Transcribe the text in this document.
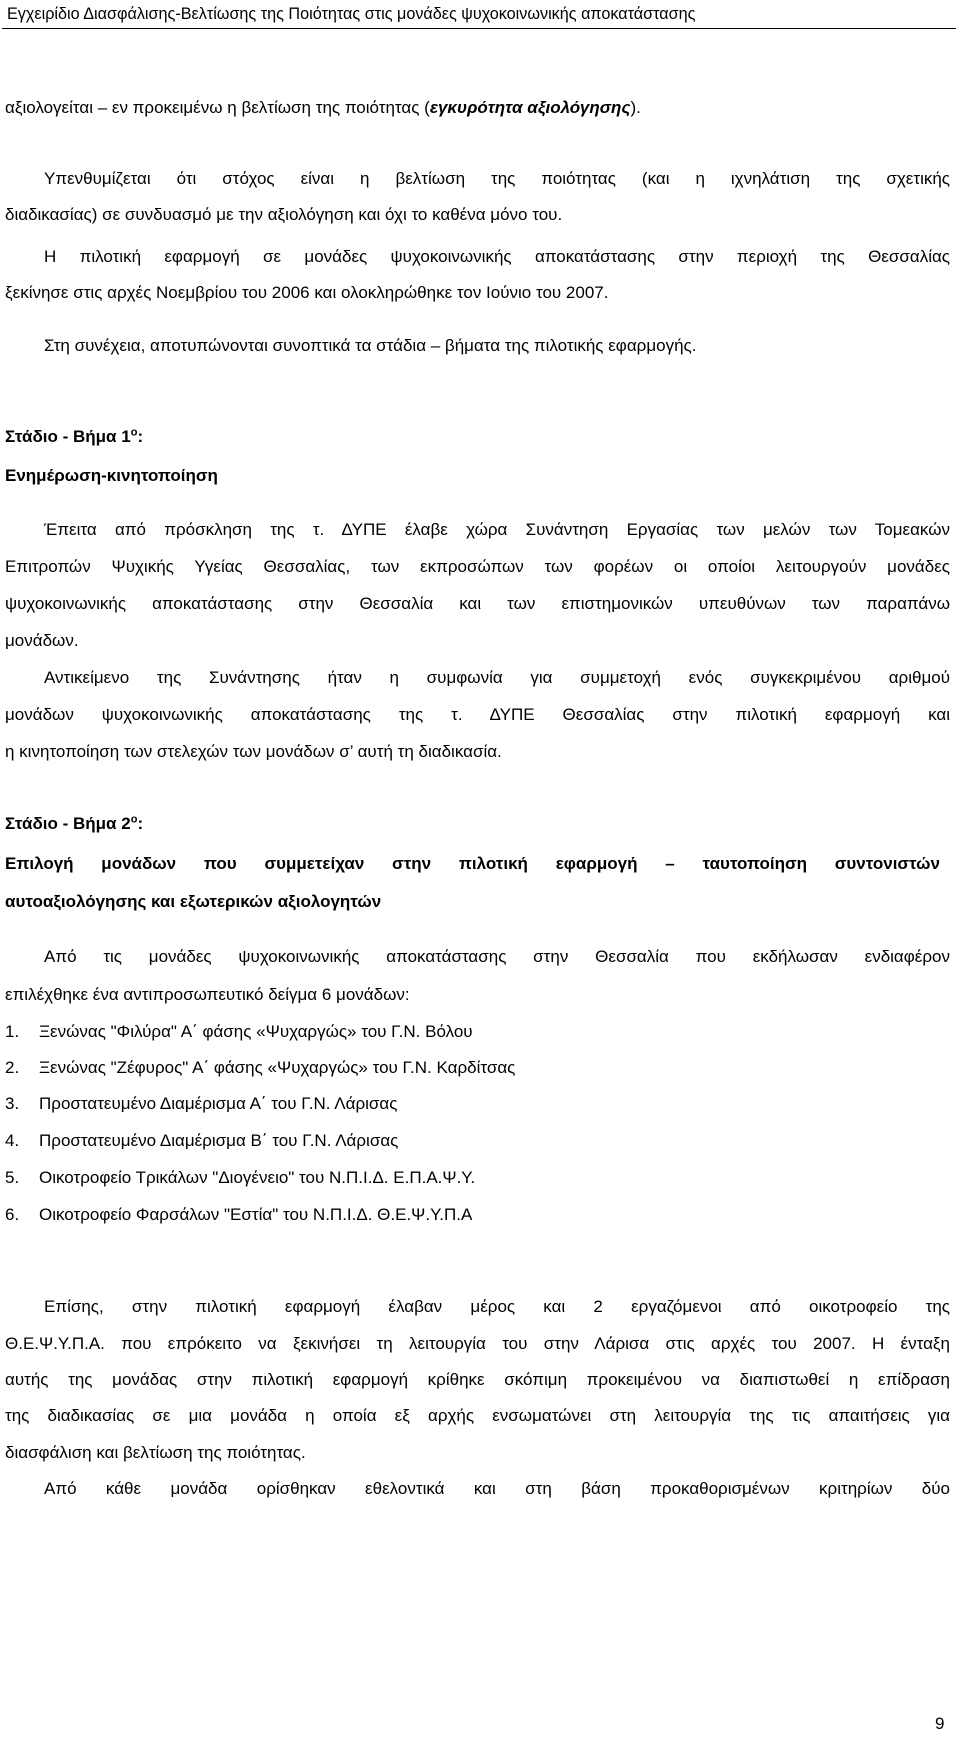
Εγχειρίδιο Διασφάλισης-Βελτίωσης της Ποιότητας στις μονάδες ψυχοκοινωνικής αποκατάστασης
αξιολογείται – εν προκειμένω η βελτίωση της ποιότητας (εγκυρότητα αξιολόγησης).
Υπενθυμίζεται ότι στόχος είναι η βελτίωση της ποιότητας (και η ιχνηλάτιση της σχετικής
διαδικασίας) σε συνδυασμό με την αξιολόγηση και όχι το καθένα μόνο του.
Η πιλοτική εφαρμογή σε μονάδες ψυχοκοινωνικής αποκατάστασης στην περιοχή της Θεσσαλίας
ξεκίνησε στις αρχές Νοεμβρίου του 2006 και ολοκληρώθηκε τον Ιούνιο του 2007.
Στη συνέχεια, αποτυπώνονται συνοπτικά τα στάδια – βήματα της πιλοτικής εφαρμογής.
Στάδιο - Βήμα $1^o$:
Ενημέρωση-κινητοποίηση
Έπειτα από πρόσκληση της τ. ΔΥΠΕ έλαβε χώρα Συνάντηση Εργασίας των μελών των Τομεακών
Επιτροπών Ψυχικής Υγείας Θεσσαλίας, των εκπροσώπων των φορέων οι οποίοι λειτουργούν μονάδες
ψυχοκοινωνικής αποκατάστασης στην Θεσσαλία και των επιστημονικών υπευθύνων των παραπάνω
μονάδων.
Αντικείμενο της Συνάντησης ήταν η συμφωνία για συμμετοχή ενός συγκεκριμένου αριθμού
μονάδων ψυχοκοινωνικής αποκατάστασης της τ. ΔΥΠΕ Θεσσαλίας στην πιλοτική εφαρμογή και
η κινητοποίηση των στελεχών των μονάδων σ’ αυτή τη διαδικασία.
Στάδιο - Βήμα $2^o$:
Επιλογή μονάδων που συμμετείχαν στην πιλοτική εφαρμογή – ταυτοποίηση συντονιστών
αυτοαξιολόγησης και εξωτερικών αξιολογητών
Από τις μονάδες ψυχοκοινωνικής αποκατάστασης στην Θεσσαλία που εκδήλωσαν ενδιαφέρον
επιλέχθηκε ένα αντιπροσωπευτικό δείγμα 6 μονάδων:
1. Ξενώνας "Φιλύρα" Α΄ φάσης «Ψυχαργώς» του Γ.Ν. Βόλου
2. Ξενώνας "Ζέφυρος" Α΄ φάσης «Ψυχαργώς» του Γ.Ν. Καρδίτσας
3. Προστατευμένο Διαμέρισμα Α΄ του Γ.Ν. Λάρισας
4. Προστατευμένο Διαμέρισμα Β΄ του Γ.Ν. Λάρισας
5. Οικοτροφείο Τρικάλων "Διογένειο" του Ν.Π.Ι.Δ. Ε.Π.Α.Ψ.Υ.
6. Οικοτροφείο Φαρσάλων "Εστία" του Ν.Π.Ι.Δ. Θ.Ε.Ψ.Υ.Π.Α
Επίσης, στην πιλοτική εφαρμογή έλαβαν μέρος και 2 εργαζόμενοι από οικοτροφείο της
Θ.Ε.Ψ.Υ.Π.Α. που επρόκειτο να ξεκινήσει τη λειτουργία του στην Λάρισα στις αρχές του 2007. Η ένταξη
αυτής της μονάδας στην πιλοτική εφαρμογή κρίθηκε σκόπιμη προκειμένου να διαπιστωθεί η επίδραση
της διαδικασίας σε μια μονάδα η οποία εξ αρχής ενσωματώνει στη λειτουργία της τις απαιτήσεις για
διασφάλιση και βελτίωση της ποιότητας.
Από κάθε μονάδα ορίσθηκαν εθελοντικά και στη βάση προκαθορισμένων κριτηρίων δύο
9
